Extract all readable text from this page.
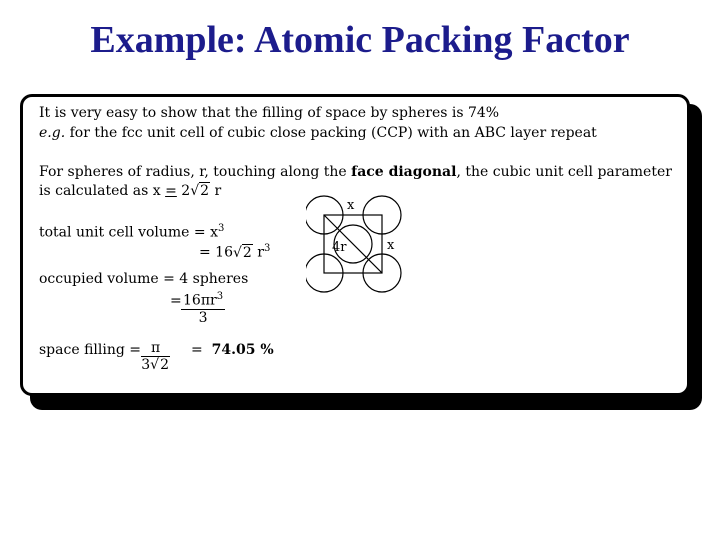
Example: Atomic Packing Factor
It is very easy to show that the filling of space by spheres is 74%
e.g. for the fcc unit cell of cubic close packing (CCP) with an ABC layer repeat
For spheres of radius, r, touching along the face diagonal, the cubic unit cell parameter
is calculated as x = 2√2 r
total unit cell volume = $x^3$
= 16√2 $r^3$
occupied volume = 4 spheres
= $\frac{16\pi r^3}{3}$
space filling = $\frac{\pi}{3√2} = 74.05$ %
x
x
4r
